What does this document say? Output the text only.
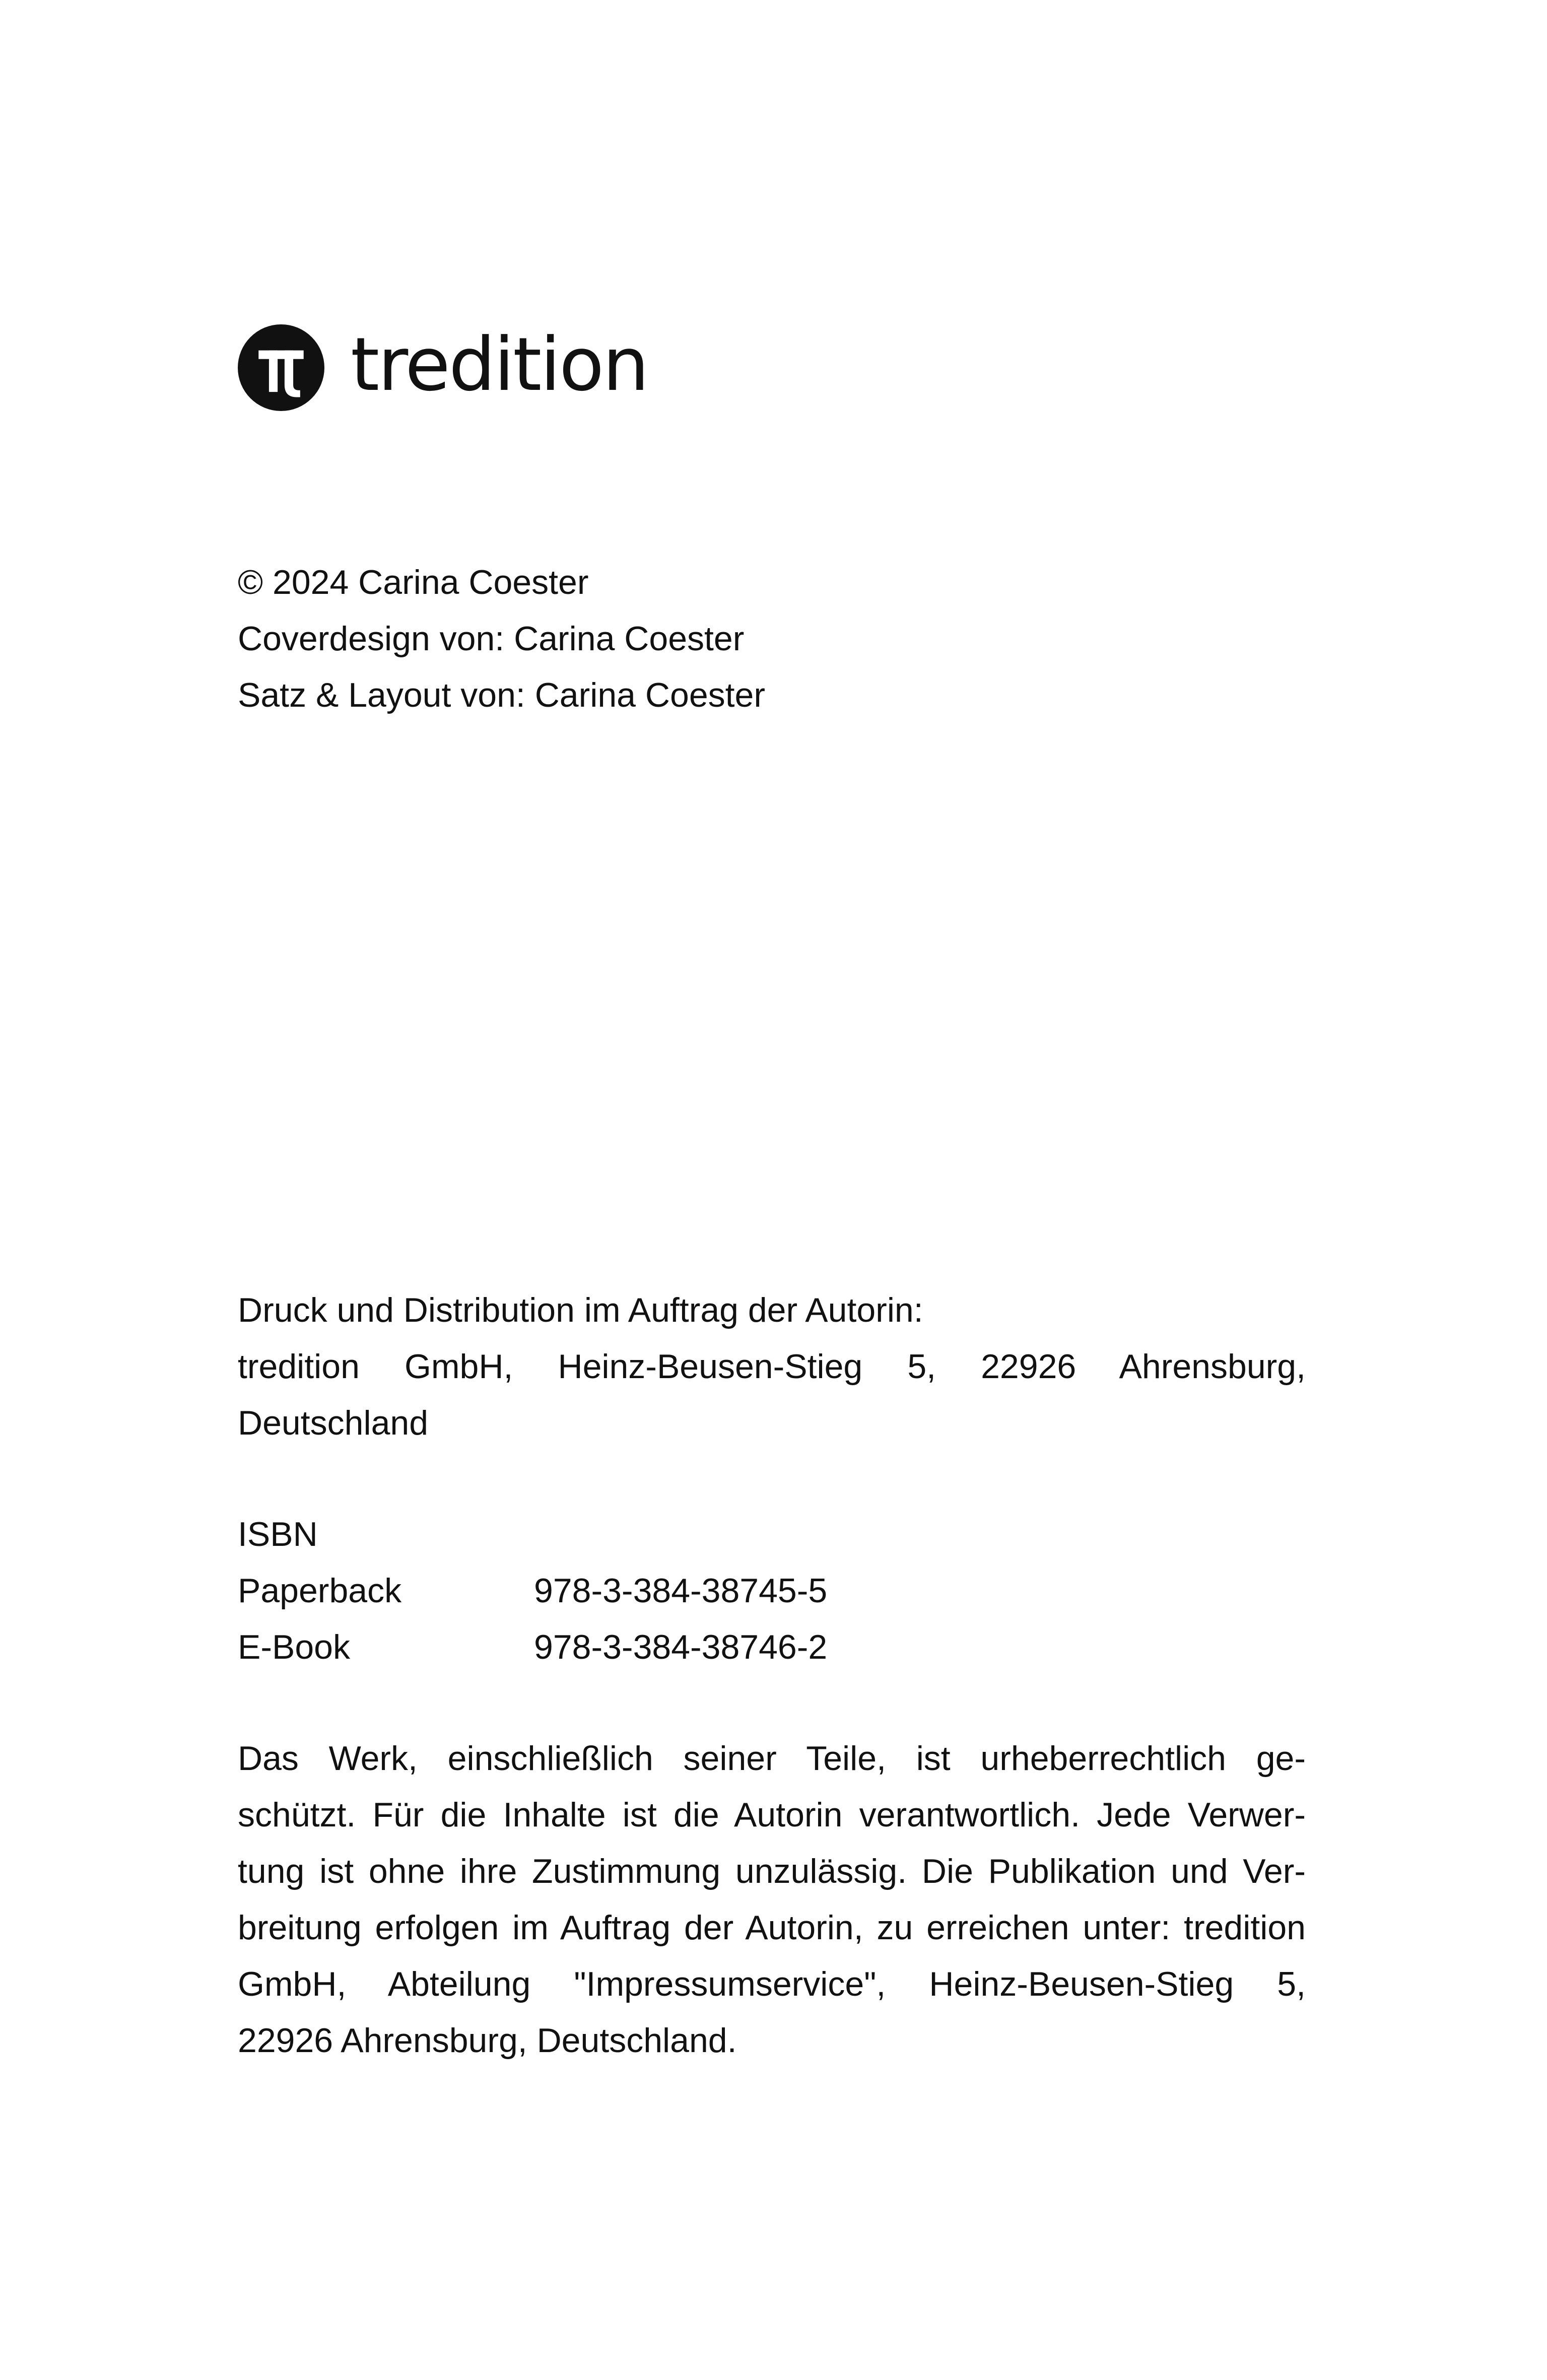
tredition
© 2024 Carina Coester
Coverdesign von: Carina Coester
Satz & Layout von: Carina Coester
Druck und Distribution im Auftrag der Autorin:
tredition GmbH, Heinz-Beusen-Stieg 5, 22926 Ahrensburg,
Deutschland
ISBN
Paperback	978-3-384-38745-5
E-Book	978-3-384-38746-2
Das Werk, einschließlich seiner Teile, ist urheberrechtlich ge-
schützt. Für die Inhalte ist die Autorin verantwortlich. Jede Verwer-
tung ist ohne ihre Zustimmung unzulässig. Die Publikation und Ver-
breitung erfolgen im Auftrag der Autorin, zu erreichen unter: tredition
GmbH, Abteilung "Impressumservice", Heinz-Beusen-Stieg 5,
22926 Ahrensburg, Deutschland.
